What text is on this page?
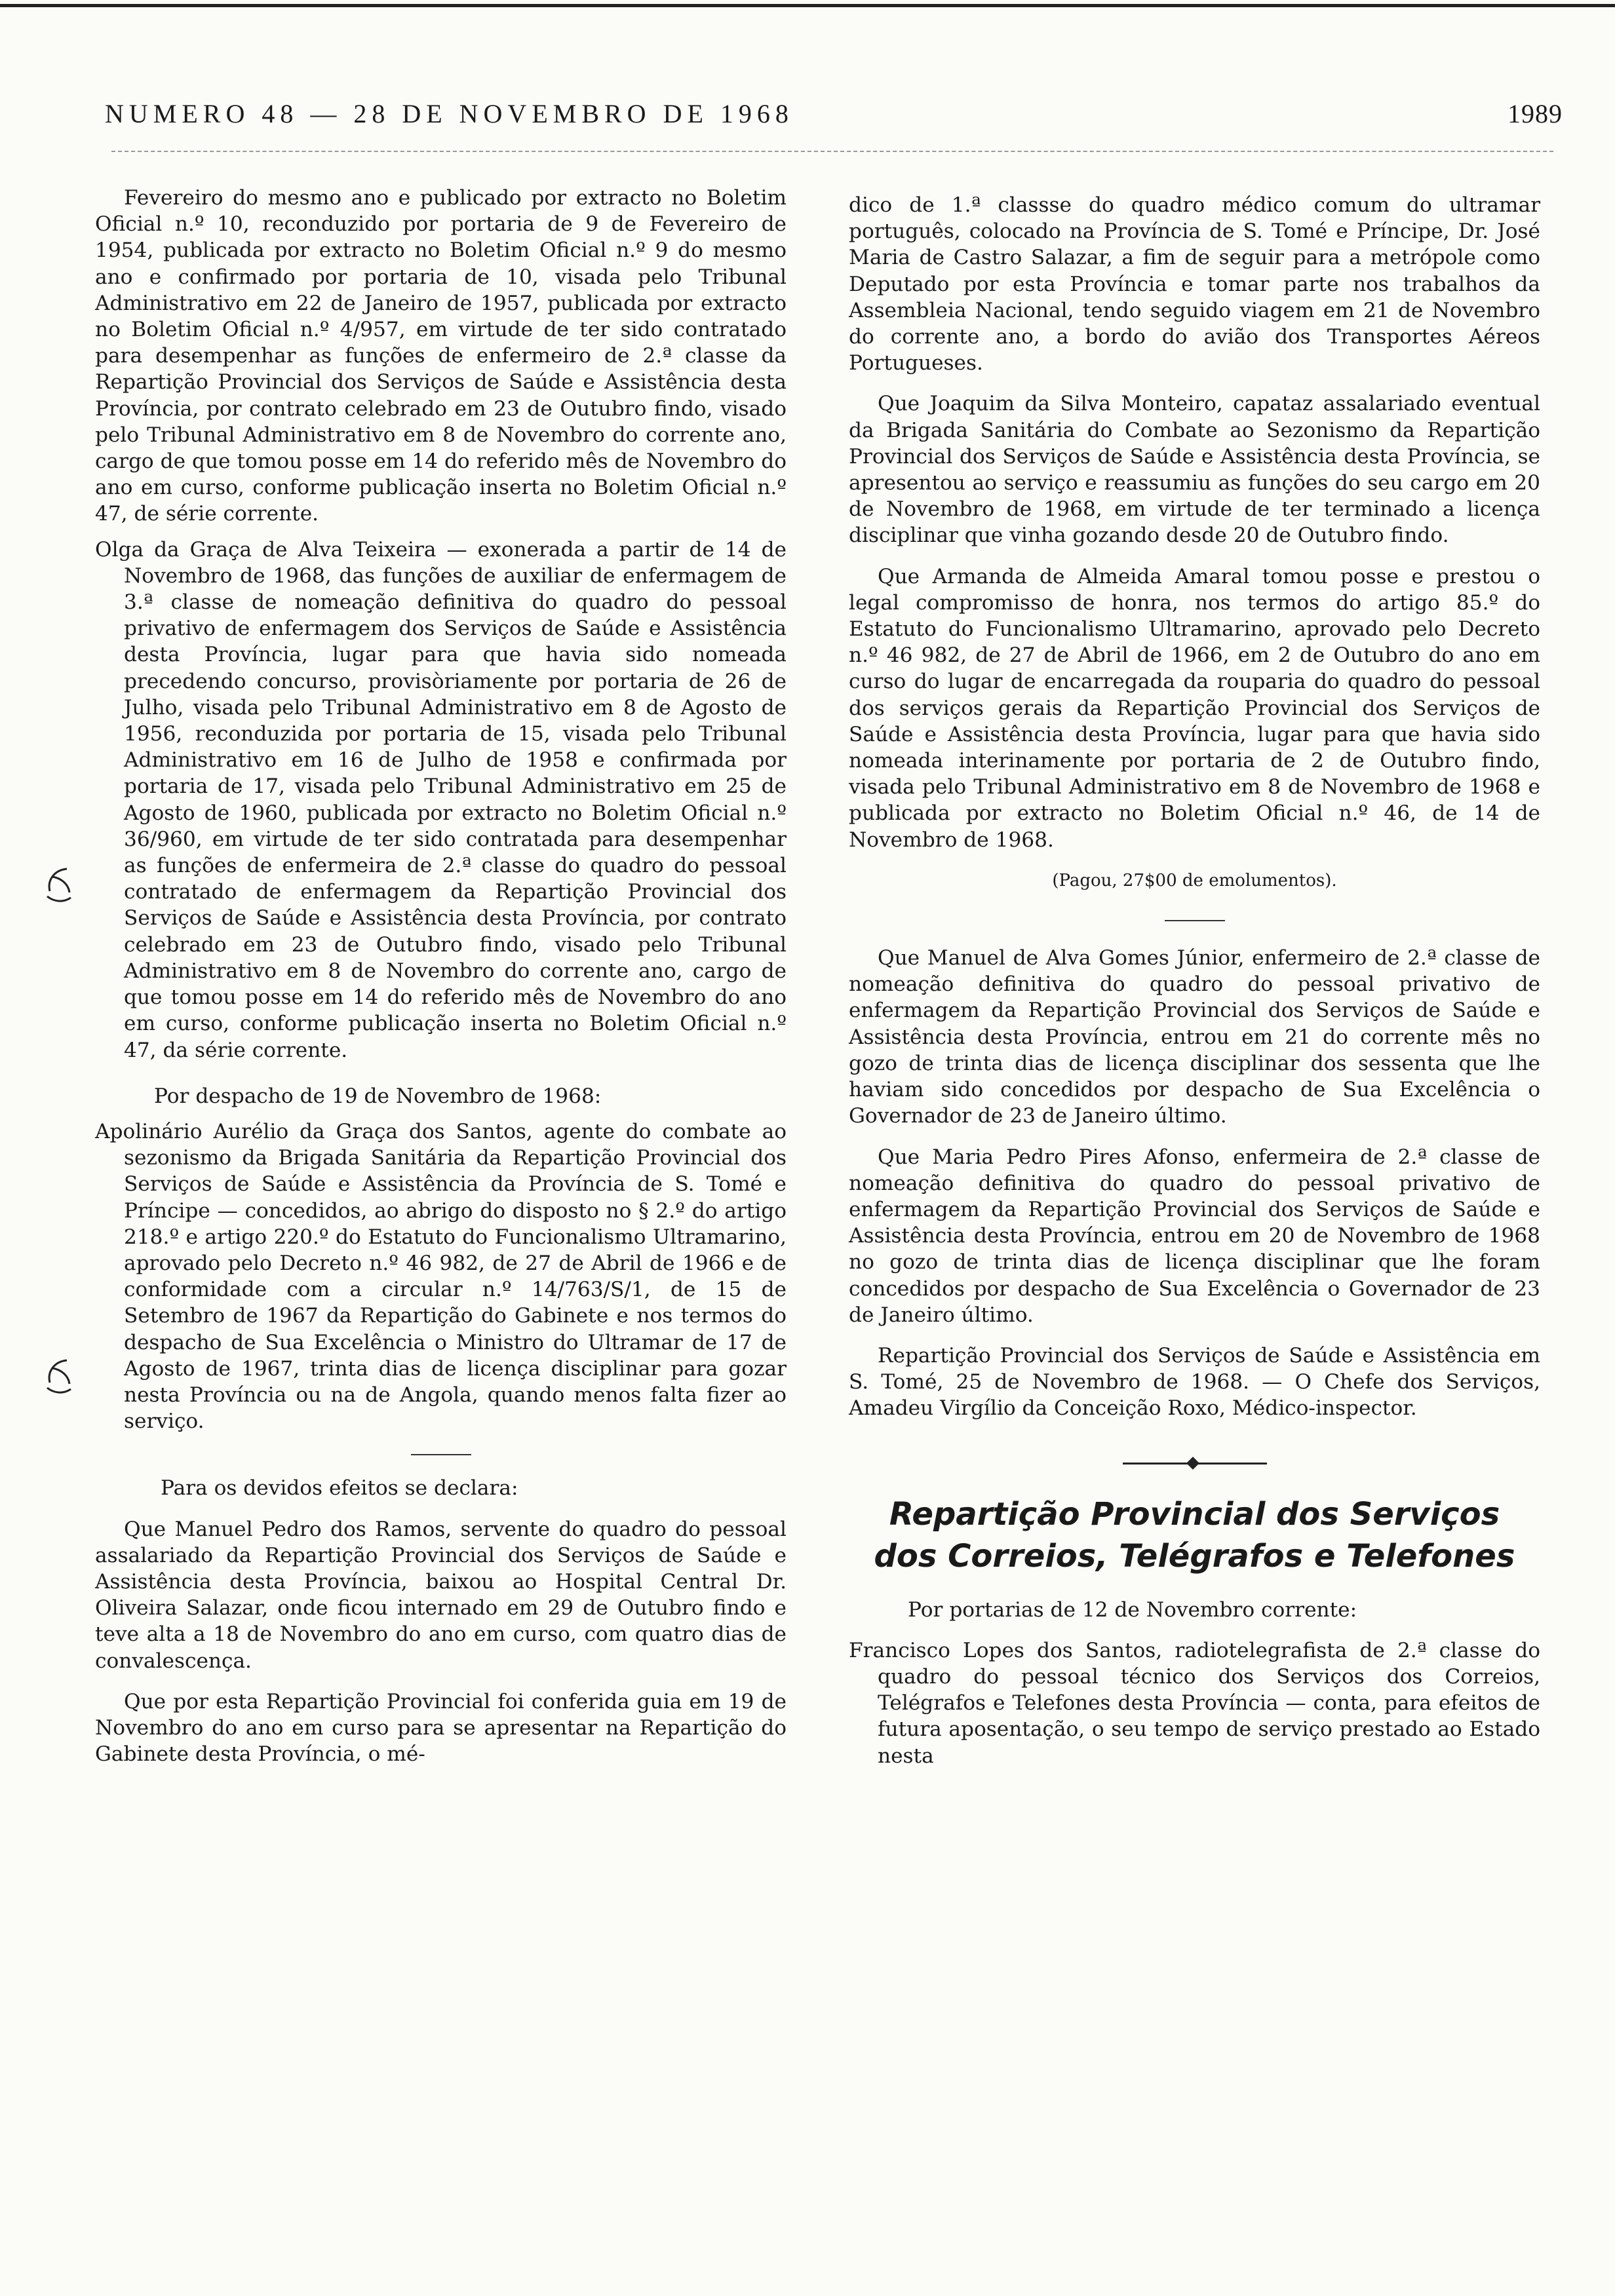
NUMERO 48 — 28 DE NOVEMBRO DE 1968	1989

Fevereiro do mesmo ano e publicado por extracto no Boletim Oficial n.º 10, reconduzido por portaria de 9 de Fevereiro de 1954, publicada por extracto no Boletim Oficial n.º 9 do mesmo ano e confirmado por portaria de 10, visada pelo Tribunal Administrativo em 22 de Janeiro de 1957, publicada por extracto no Boletim Oficial n.º 4/957, em virtude de ter sido contratado para desempenhar as funções de enfermeiro de 2.ª classe da Repartição Provincial dos Serviços de Saúde e Assistência desta Província, por contrato celebrado em 23 de Outubro findo, visado pelo Tribunal Administrativo em 8 de Novembro do corrente ano, cargo de que tomou posse em 14 do referido mês de Novembro do ano em curso, conforme publicação inserta no Boletim Oficial n.º 47, de série corrente.

Olga da Graça de Alva Teixeira — exonerada a partir de 14 de Novembro de 1968, das funções de auxiliar de enfermagem de 3.ª classe de nomeação definitiva do quadro do pessoal privativo de enfermagem dos Serviços de Saúde e Assistência desta Província, lugar para que havia sido nomeada precedendo concurso, provisòriamente por portaria de 26 de Julho, visada pelo Tribunal Administrativo em 8 de Agosto de 1956, reconduzida por portaria de 15, visada pelo Tribunal Administrativo em 16 de Julho de 1958 e confirmada por portaria de 17, visada pelo Tribunal Administrativo em 25 de Agosto de 1960, publicada por extracto no Boletim Oficial n.º 36/960, em virtude de ter sido contratada para desempenhar as funções de enfermeira de 2.ª classe do quadro do pessoal contratado de enfermagem da Repartição Provincial dos Serviços de Saúde e Assistência desta Província, por contrato celebrado em 23 de Outubro findo, visado pelo Tribunal Administrativo em 8 de Novembro do corrente ano, cargo de que tomou posse em 14 do referido mês de Novembro do ano em curso, conforme publicação inserta no Boletim Oficial n.º 47, da série corrente.

Por despacho de 19 de Novembro de 1968:

Apolinário Aurélio da Graça dos Santos, agente do combate ao sezonismo da Brigada Sanitária da Repartição Provincial dos Serviços de Saúde e Assistência da Província de S. Tomé e Príncipe — concedidos, ao abrigo do disposto no § 2.º do artigo 218.º e artigo 220.º do Estatuto do Funcionalismo Ultramarino, aprovado pelo Decreto n.º 46 982, de 27 de Abril de 1966 e de conformidade com a circular n.º 14/763/S/1, de 15 de Setembro de 1967 da Repartição do Gabinete e nos termos do despacho de Sua Excelência o Ministro do Ultramar de 17 de Agosto de 1967, trinta dias de licença disciplinar para gozar nesta Província ou na de Angola, quando menos falta fizer ao serviço.

Para os devidos efeitos se declara:

Que Manuel Pedro dos Ramos, servente do quadro do pessoal assalariado da Repartição Provincial dos Serviços de Saúde e Assistência desta Província, baixou ao Hospital Central Dr. Oliveira Salazar, onde ficou internado em 29 de Outubro findo e teve alta a 18 de Novembro do ano em curso, com quatro dias de convalescença.

Que por esta Repartição Provincial foi conferida guia em 19 de Novembro do ano em curso para se apresentar na Repartição do Gabinete desta Província, o mé-

dico de 1.ª classse do quadro médico comum do ultramar português, colocado na Província de S. Tomé e Príncipe, Dr. José Maria de Castro Salazar, a fim de seguir para a metrópole como Deputado por esta Província e tomar parte nos trabalhos da Assembleia Nacional, tendo seguido viagem em 21 de Novembro do corrente ano, a bordo do avião dos Transportes Aéreos Portugueses.

Que Joaquim da Silva Monteiro, capataz assalariado eventual da Brigada Sanitária do Combate ao Sezonismo da Repartição Provincial dos Serviços de Saúde e Assistência desta Província, se apresentou ao serviço e reassumiu as funções do seu cargo em 20 de Novembro de 1968, em virtude de ter terminado a licença disciplinar que vinha gozando desde 20 de Outubro findo.

Que Armanda de Almeida Amaral tomou posse e prestou o legal compromisso de honra, nos termos do artigo 85.º do Estatuto do Funcionalismo Ultramarino, aprovado pelo Decreto n.º 46 982, de 27 de Abril de 1966, em 2 de Outubro do ano em curso do lugar de encarregada da rouparia do quadro do pessoal dos serviços gerais da Repartição Provincial dos Serviços de Saúde e Assistência desta Província, lugar para que havia sido nomeada interinamente por portaria de 2 de Outubro findo, visada pelo Tribunal Administrativo em 8 de Novembro de 1968 e publicada por extracto no Boletim Oficial n.º 46, de 14 de Novembro de 1968.

(Pagou, 27$00 de emolumentos).

Que Manuel de Alva Gomes Júnior, enfermeiro de 2.ª classe de nomeação definitiva do quadro do pessoal privativo de enfermagem da Repartição Provincial dos Serviços de Saúde e Assistência desta Província, entrou em 21 do corrente mês no gozo de trinta dias de licença disciplinar dos sessenta que lhe haviam sido concedidos por despacho de Sua Excelência o Governador de 23 de Janeiro último.

Que Maria Pedro Pires Afonso, enfermeira de 2.ª classe de nomeação definitiva do quadro do pessoal privativo de enfermagem da Repartição Provincial dos Serviços de Saúde e Assistência desta Província, entrou em 20 de Novembro de 1968 no gozo de trinta dias de licença disciplinar que lhe foram concedidos por despacho de Sua Excelência o Governador de 23 de Janeiro último.

Repartição Provincial dos Serviços de Saúde e Assistência em S. Tomé, 25 de Novembro de 1968. — O Chefe dos Serviços, Amadeu Virgílio da Conceição Roxo, Médico-inspector.

Repartição Provincial dos Serviços
dos Correios, Telégrafos e Telefones

Por portarias de 12 de Novembro corrente:

Francisco Lopes dos Santos, radiotelegrafista de 2.ª classe do quadro do pessoal técnico dos Serviços dos Correios, Telégrafos e Telefones desta Província — conta, para efeitos de futura aposentação, o seu tempo de serviço prestado ao Estado nesta
